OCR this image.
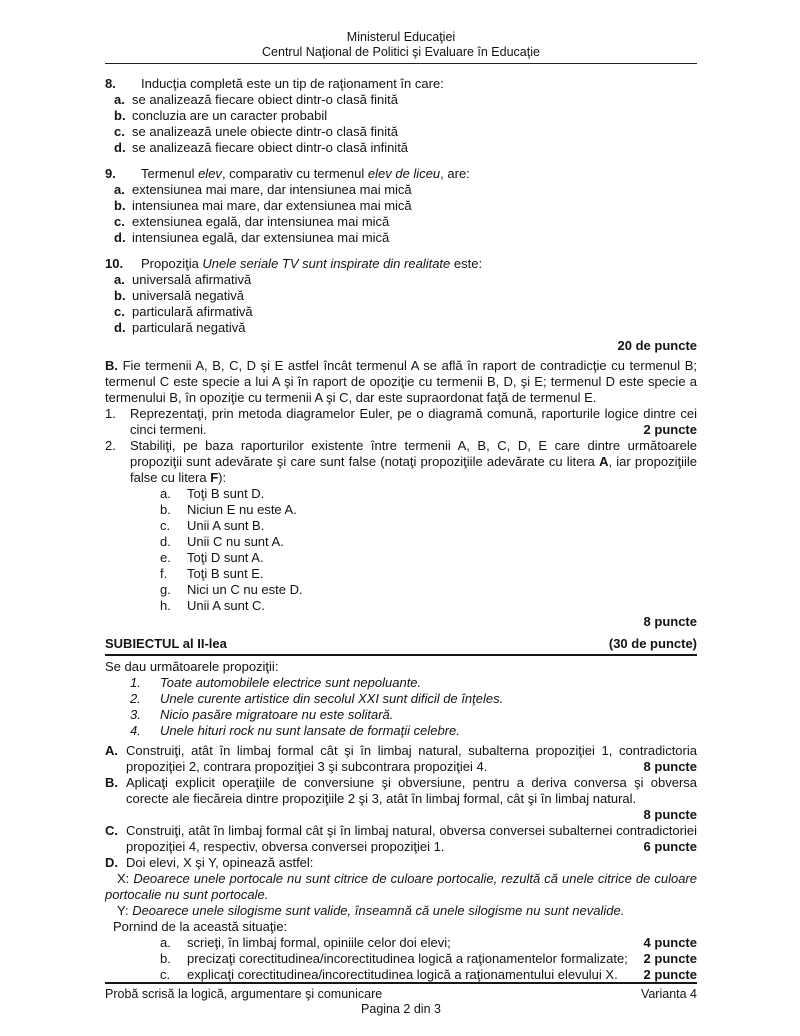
Ministerul Educaţiei
Centrul Naţional de Politici şi Evaluare în Educaţie
8.	Inducţia completă este un tip de raţionament în care:
a. se analizează fiecare obiect dintr-o clasă finită
b. concluzia are un caracter probabil
c. se analizează unele obiecte dintr-o clasă finită
d. se analizează fiecare obiect dintr-o clasă infinită
9.	Termenul elev, comparativ cu termenul elev de liceu, are:
a. extensiunea mai mare, dar intensiunea mai mică
b. intensiunea mai mare, dar extensiunea mai mică
c. extensiunea egală, dar intensiunea mai mică
d. intensiunea egală, dar extensiunea mai mică
10.	Propoziţia Unele seriale TV sunt inspirate din realitate este:
a. universală afirmativă
b. universală negativă
c. particulară afirmativă
d. particulară negativă
20 de puncte

B. Fie termenii A, B, C, D şi E astfel încât termenul A se află în raport de contradicţie cu termenul B; termenul C este specie a lui A şi în raport de opoziţie cu termenii B, D, şi E; termenul D este specie a termenului B, în opoziţie cu termenii A şi C, dar este supraordonat faţă de termenul E.

1.	Reprezentaţi, prin metoda diagramelor Euler, pe o diagramă comună, raporturile logice dintre cei cinci termeni.	2 puncte
2.	Stabiliţi, pe baza raporturilor existente între termenii A, B, C, D, E care dintre următoarele propoziţii sunt adevărate şi care sunt false (notaţi propoziţiile adevărate cu litera A, iar propoziţiile false cu litera F):
a.	Toţi B sunt D.
b.	Niciun E nu este A.
c.	Unii A sunt B.
d.	Unii C nu sunt A.
e.	Toţi D sunt A.
f.	Toţi B sunt E.
g.	Nici un C nu este D.
h.	Unii A sunt C.
8 puncte
SUBIECTUL al II-lea	(30 de puncte)
Se dau următoarele propoziţii:
1.	Toate automobilele electrice sunt nepoluante.
2.	Unele curente artistice din secolul XXI sunt dificil de înţeles.
3.	Nicio pasăre migratoare nu este solitară.
4.	Unele hituri rock nu sunt lansate de formaţii celebre.
A. Construiţi, atât în limbaj formal cât şi în limbaj natural, subalterna propoziţiei 1, contradictoria propoziţiei 2, contrara propoziţiei 3 şi subcontrara propoziţiei 4.	8 puncte
B. Aplicaţi explicit operaţiile de conversiune şi obversiune, pentru a deriva conversa şi obversa corecte ale fiecăreia dintre propoziţiile 2 şi 3, atât în limbaj formal, cât şi în limbaj natural.
8 puncte
C. Construiţi, atât în limbaj formal cât şi în limbaj natural, obversa conversei subalternei contradictoriei propoziţiei 4, respectiv, obversa conversei propoziţiei 1.	6 puncte
D. Doi elevi, X şi Y, opinează astfel:

X: Deoarece unele portocale nu sunt citrice de culoare portocalie, rezultă că unele citrice de culoare portocalie nu sunt portocale.

Y: Deoarece unele silogisme sunt valide, înseamnă că unele silogisme nu sunt nevalide.

Pornind de la această situaţie:
a.	scrieţi, în limbaj formal, opiniile celor doi elevi;	4 puncte
b.	precizaţi corectitudinea/incorectitudinea logică a raţionamentelor formalizate;	2 puncte
c.	explicaţi corectitudinea/incorectitudinea logică a raţionamentului elevului X.	2 puncte
Probă scrisă la logică, argumentare şi comunicare	Varianta 4
Pagina 2 din 3
